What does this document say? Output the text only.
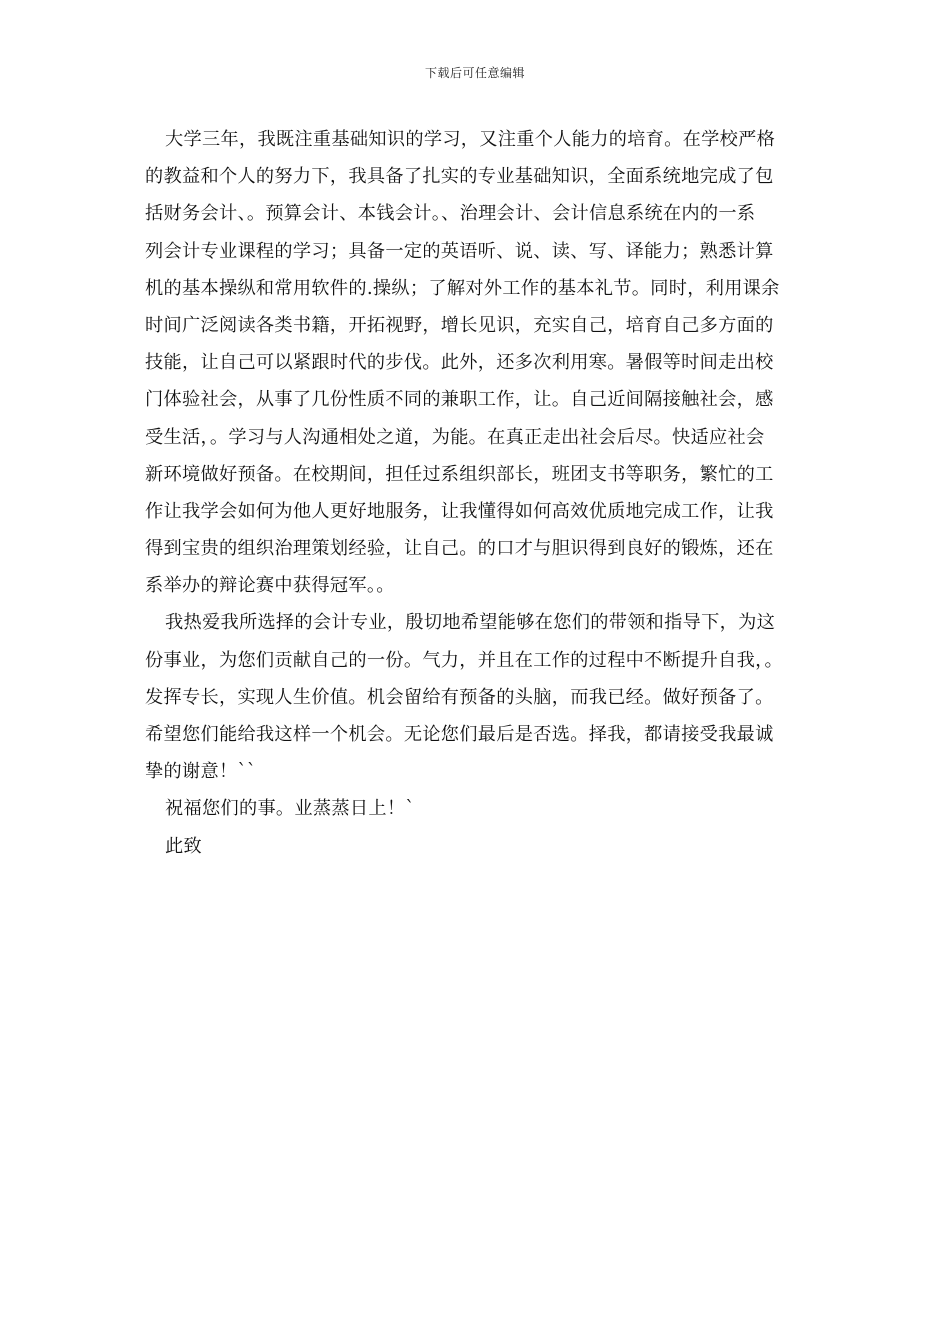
下载后可任意编辑
大学三年，我既注重基础知识的学习，又注重个人能力的培育。在学校严格
的教益和个人的努力下，我具备了扎实的专业基础知识，全面系统地完成了包
括财务会计、。预算会计、本钱会计。、治理会计、会计信息系统在内的一系
列会计专业课程的学习；具备一定的英语听、说、读、写、译能力；熟悉计算
机的基本操纵和常用软件的.操纵；了解对外工作的基本礼节。同时，利用课余
时间广泛阅读各类书籍，开拓视野，增长见识，充实自己，培育自己多方面的
技能，让自己可以紧跟时代的步伐。此外，还多次利用寒。暑假等时间走出校
门体验社会，从事了几份性质不同的兼职工作，让。自己近间隔接触社会，感
受生活，。学习与人沟通相处之道，为能。在真正走出社会后尽。快适应社会
新环境做好预备。在校期间，担任过系组织部长，班团支书等职务，繁忙的工
作让我学会如何为他人更好地服务，让我懂得如何高效优质地完成工作，让我
得到宝贵的组织治理策划经验，让自己。的口才与胆识得到良好的锻炼，还在
系举办的辩论赛中获得冠军。。
我热爱我所选择的会计专业，殷切地希望能够在您们的带领和指导下，为这
份事业，为您们贡献自己的一份。气力，并且在工作的过程中不断提升自我，。
发挥专长，实现人生价值。机会留给有预备的头脑，而我已经。做好预备了。
希望您们能给我这样一个机会。无论您们最后是否选。择我，都请接受我最诚
挚的谢意！``
祝福您们的事。业蒸蒸日上！`
此致
